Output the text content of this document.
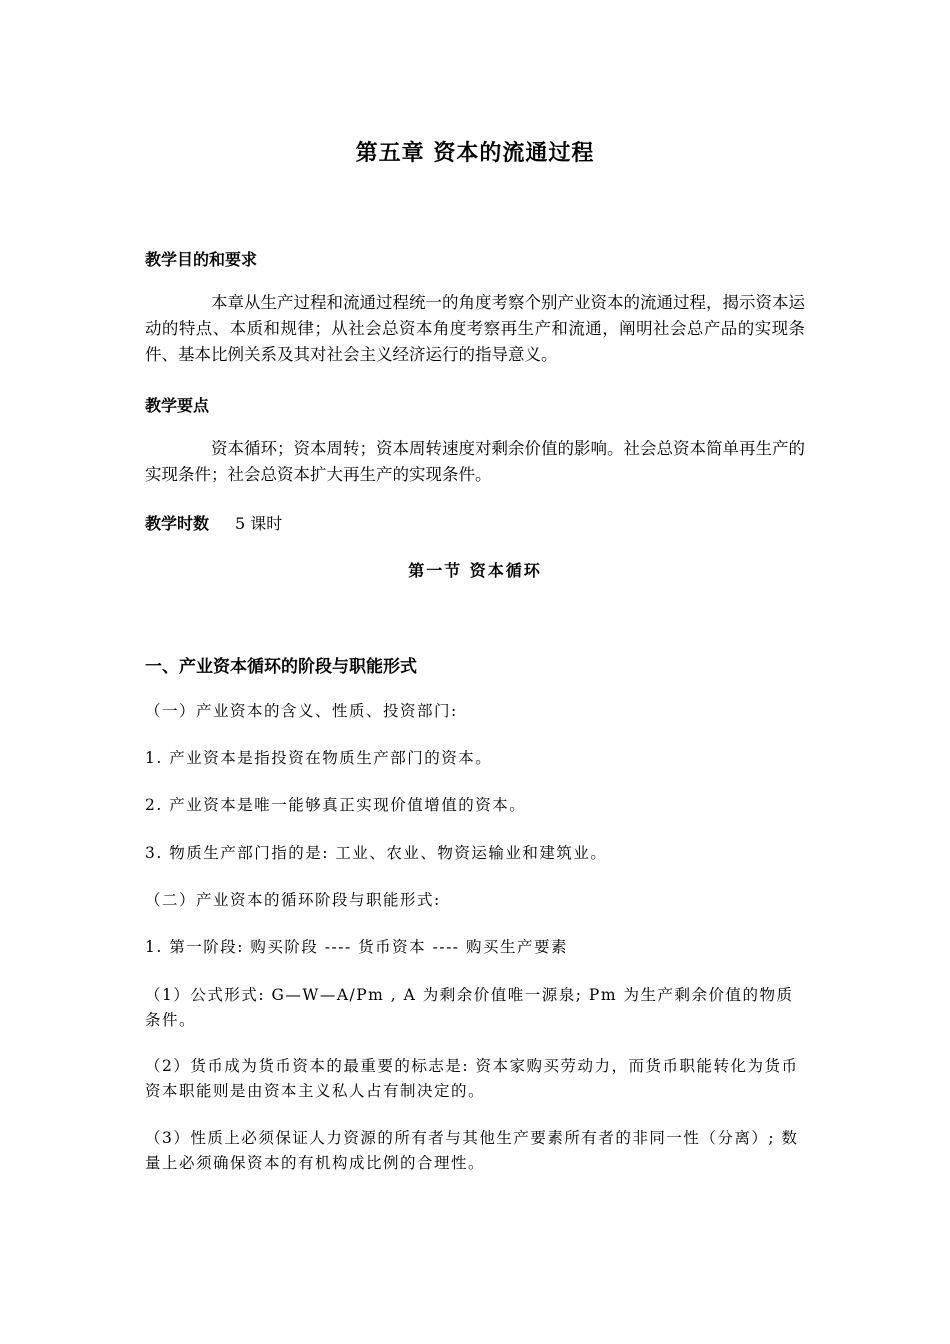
第五章 资本的流通过程
教学目的和要求
本章从生产过程和流通过程统一的角度考察个别产业资本的流通过程，揭示资本运动的特点、本质和规律；从社会总资本角度考察再生产和流通，阐明社会总产品的实现条件、基本比例关系及其对社会主义经济运行的指导意义。
教学要点
资本循环；资本周转；资本周转速度对剩余价值的影响。社会总资本简单再生产的实现条件；社会总资本扩大再生产的实现条件。
教学时数 5 课时
第一节 资本循环
一、产业资本循环的阶段与职能形式
（一）产业资本的含义、性质、投资部门:
1. 产业资本是指投资在物质生产部门的资本。
2. 产业资本是唯一能够真正实现价值增值的资本。
3. 物质生产部门指的是: 工业、农业、物资运输业和建筑业。
（二）产业资本的循环阶段与职能形式:
1. 第一阶段: 购买阶段 ---- 货币资本 ---- 购买生产要素
（1）公式形式: G—W—A/Pm , A 为剩余价值唯一源泉; Pm 为生产剩余价值的物质条件。
（2）货币成为货币资本的最重要的标志是: 资本家购买劳动力，而货币职能转化为货币资本职能则是由资本主义私人占有制决定的。
（3）性质上必须保证人力资源的所有者与其他生产要素所有者的非同一性（分离）; 数量上必须确保资本的有机构成比例的合理性。
